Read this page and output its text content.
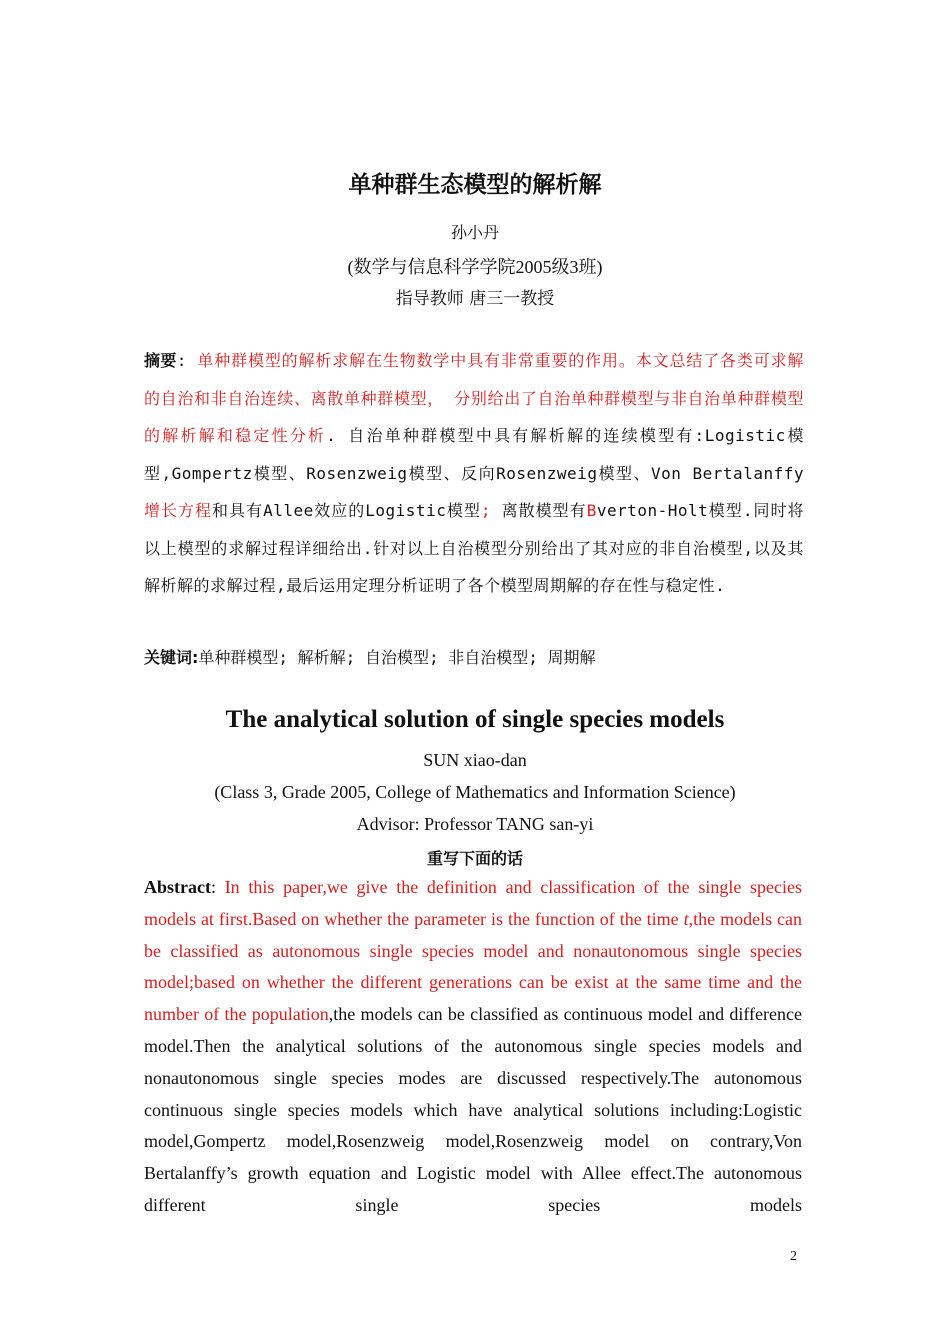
单种群生态模型的解析解
孙小丹
(数学与信息科学学院2005级3班)
指导教师 唐三一教授
摘要: 单种群模型的解析求解在生物数学中具有非常重要的作用。本文总结了各类可求解的自治和非自治连续、离散单种群模型， 分别给出了自治单种群模型与非自治单种群模型的解析解和稳定性分析. 自治单种群模型中具有解析解的连续模型有:Logistic模型,Gompertz模型、Rosenzweig模型、反向Rosenzweig模型、Von Bertalanffy增长方程和具有Allee效应的Logistic模型; 离散模型有Bverton-Holt模型.同时将以上模型的求解过程详细给出.针对以上自治模型分别给出了其对应的非自治模型,以及其解析解的求解过程,最后运用定理分析证明了各个模型周期解的存在性与稳定性.
关键词:单种群模型; 解析解; 自治模型; 非自治模型; 周期解
The analytical solution of single species models
SUN xiao-dan
(Class 3, Grade 2005, College of Mathematics and Information Science)
Advisor: Professor TANG san-yi
重写下面的话
Abstract: In this paper,we give the definition and classification of the single species models at first.Based on whether the parameter is the function of the time t,the models can be classified as autonomous single species model and nonautonomous single species model;based on whether the different generations can be exist at the same time and the number of the population,the models can be classified as continuous model and difference model.Then the analytical solutions of the autonomous single species models and nonautonomous single species modes are discussed respectively.The autonomous continuous single species models which have analytical solutions including:Logistic model,Gompertz model,Rosenzweig model,Rosenzweig model on contrary,Von Bertalanffy’s growth equation and Logistic model with Allee effect.The autonomous different single species models
2
